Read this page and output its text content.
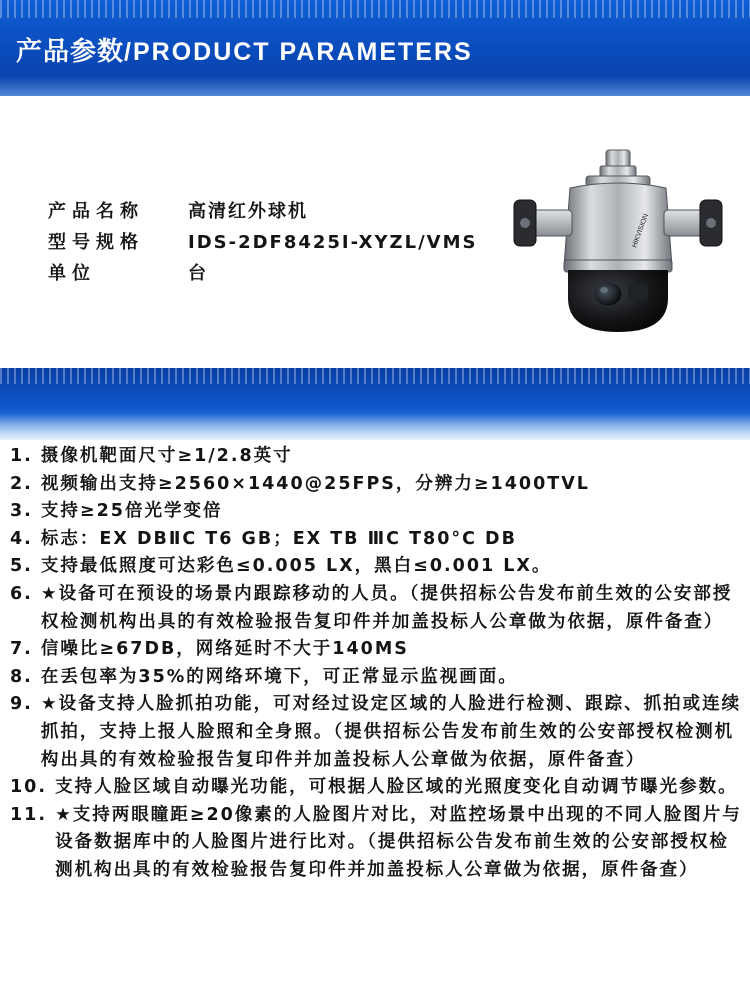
产品参数/PRODUCT PARAMETERS
产品名称	高清红外球机
型号规格	IDS-2DF8425I-XYZL/VMS
单位	台
HIKVISION
1. 摄像机靶面尺寸≥1/2.8英寸
2. 视频输出支持≥2560×1440@25FPS，分辨力≥1400TVL
3. 支持≥25倍光学变倍
4. 标志：EX DBⅡC T6 GB；EX TB ⅢC T80°C DB
5. 支持最低照度可达彩色≤0.005 LX，黑白≤0.001 LX。
6. ★设备可在预设的场景内跟踪移动的人员。（提供招标公告发布前生效的公安部授权检测机构出具的有效检验报告复印件并加盖投标人公章做为依据，原件备查）
7. 信噪比≥67DB，网络延时不大于140MS
8. 在丢包率为35%的网络环境下，可正常显示监视画面。
9. ★设备支持人脸抓拍功能，可对经过设定区域的人脸进行检测、跟踪、抓拍或连续抓拍，支持上报人脸照和全身照。（提供招标公告发布前生效的公安部授权检测机构出具的有效检验报告复印件并加盖投标人公章做为依据，原件备查）
10. 支持人脸区域自动曝光功能，可根据人脸区域的光照度变化自动调节曝光参数。
11. ★支持两眼瞳距≥20像素的人脸图片对比，对监控场景中出现的不同人脸图片与设备数据库中的人脸图片进行比对。（提供招标公告发布前生效的公安部授权检测机构出具的有效检验报告复印件并加盖投标人公章做为依据，原件备查）
